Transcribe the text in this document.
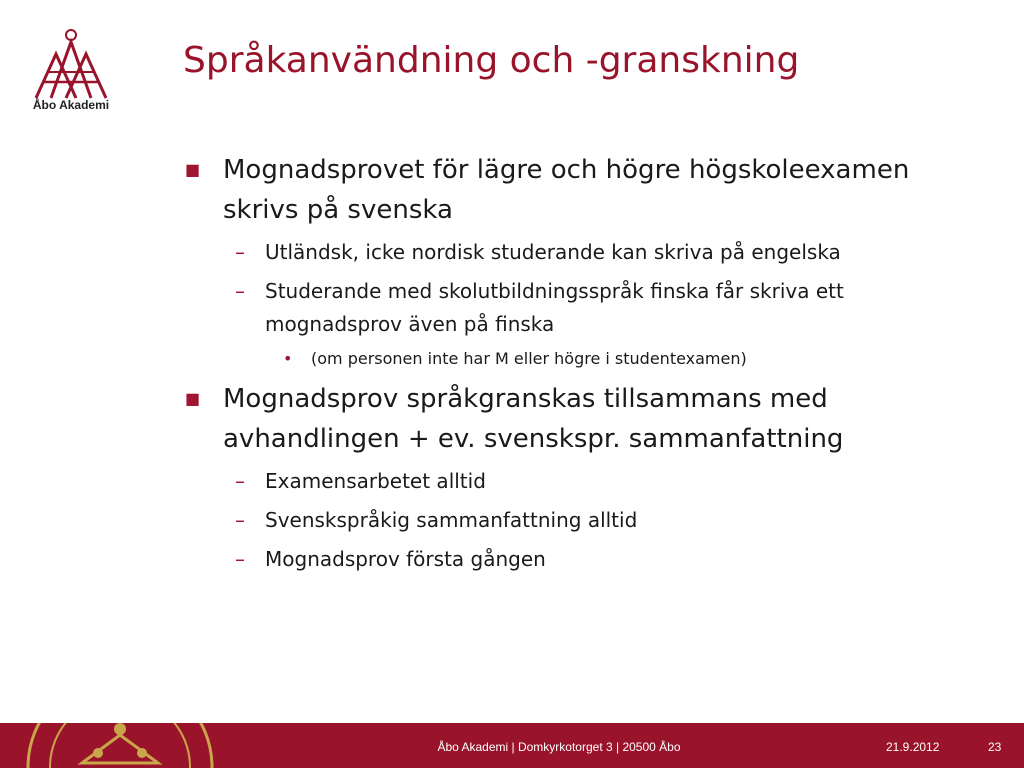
Åbo Akademi
Språkanvändning och -granskning
■ Mognadsprovet för lägre och högre högskoleexamen skrivs på svenska
–	Utländsk, icke nordisk studerande kan skriva på engelska
–	Studerande med skolutbildningsspråk finska får skriva ett mognadsprov även på finska
•	(om personen inte har M eller högre i studentexamen)
■ Mognadsprov språkgranskas tillsammans med avhandlingen + ev. svenskspr. sammanfattning
–	Examensarbetet alltid
–	Svenskspråkig sammanfattning alltid
–	Mognadsprov första gången
Åbo Akademi | Domkyrkotorget 3 | 20500 Åbo	21.9.2012	23
